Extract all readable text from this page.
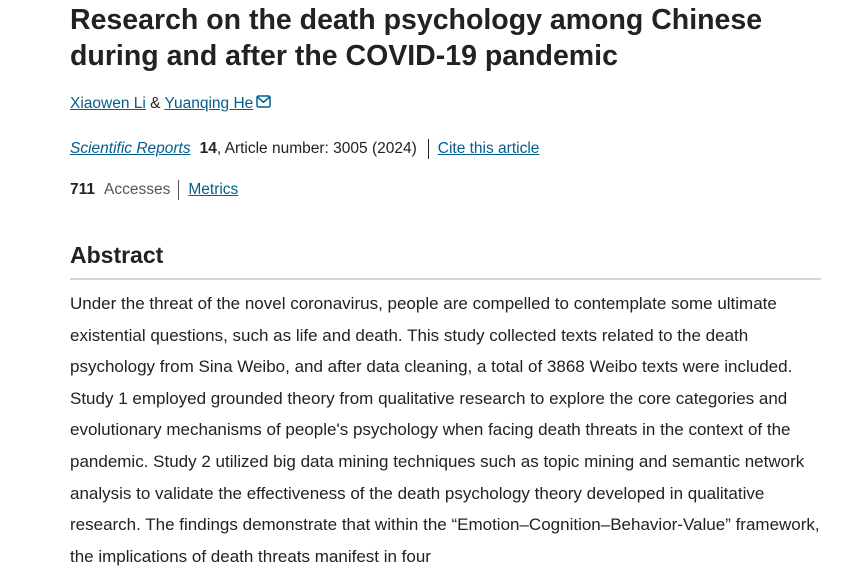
Research on the death psychology among Chinese during and after the COVID-19 pandemic

Xiaowen Li & Yuanqing He

Scientific Reports 14, Article number: 3005 (2024) Cite this article

711 Accesses Metrics

Abstract

Under the threat of the novel coronavirus, people are compelled to contemplate some ultimate existential questions, such as life and death. This study collected texts related to the death psychology from Sina Weibo, and after data cleaning, a total of 3868 Weibo texts were included. Study 1 employed grounded theory from qualitative research to explore the core categories and evolutionary mechanisms of people's psychology when facing death threats in the context of the pandemic. Study 2 utilized big data mining techniques such as topic mining and semantic network analysis to validate the effectiveness of the death psychology theory developed in qualitative research. The findings demonstrate that within the “Emotion–Cognition–Behavior-Value” framework, the implications of death threats manifest in four
